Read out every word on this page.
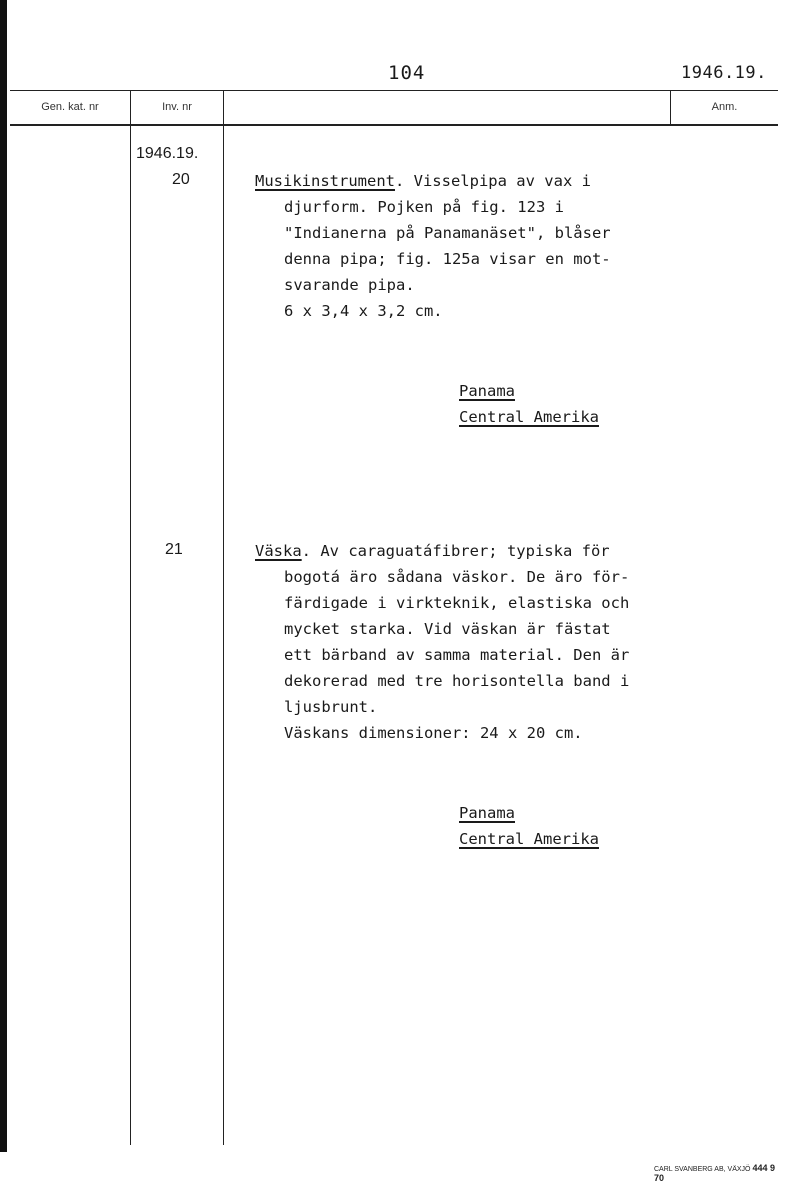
104	1946.19.
Gen. kat. nr	Inv. nr	Anm.
1946.19.
20	Musikinstrument. Visselpipa av vax i
djurform. Pojken på fig. 123 i
"Indianerna på Panamanäset", blåser
denna pipa; fig. 125a visar en mot-
svarande pipa.
6 x 3,4 x 3,2 cm.
Panama
Central Amerika
21	Väska. Av caraguatáfibrer; typiska för
bogotá äro sådana väskor. De äro för-
färdigade i virkteknik, elastiska och
mycket starka. Vid väskan är fästat
ett bärband av samma material. Den är
dekorerad med tre horisontella band i
ljusbrunt.
Väskans dimensioner: 24 x 20 cm.
Panama
Central Amerika
CARL SVANBERG AB, VÄXJÖ 444 9 70
